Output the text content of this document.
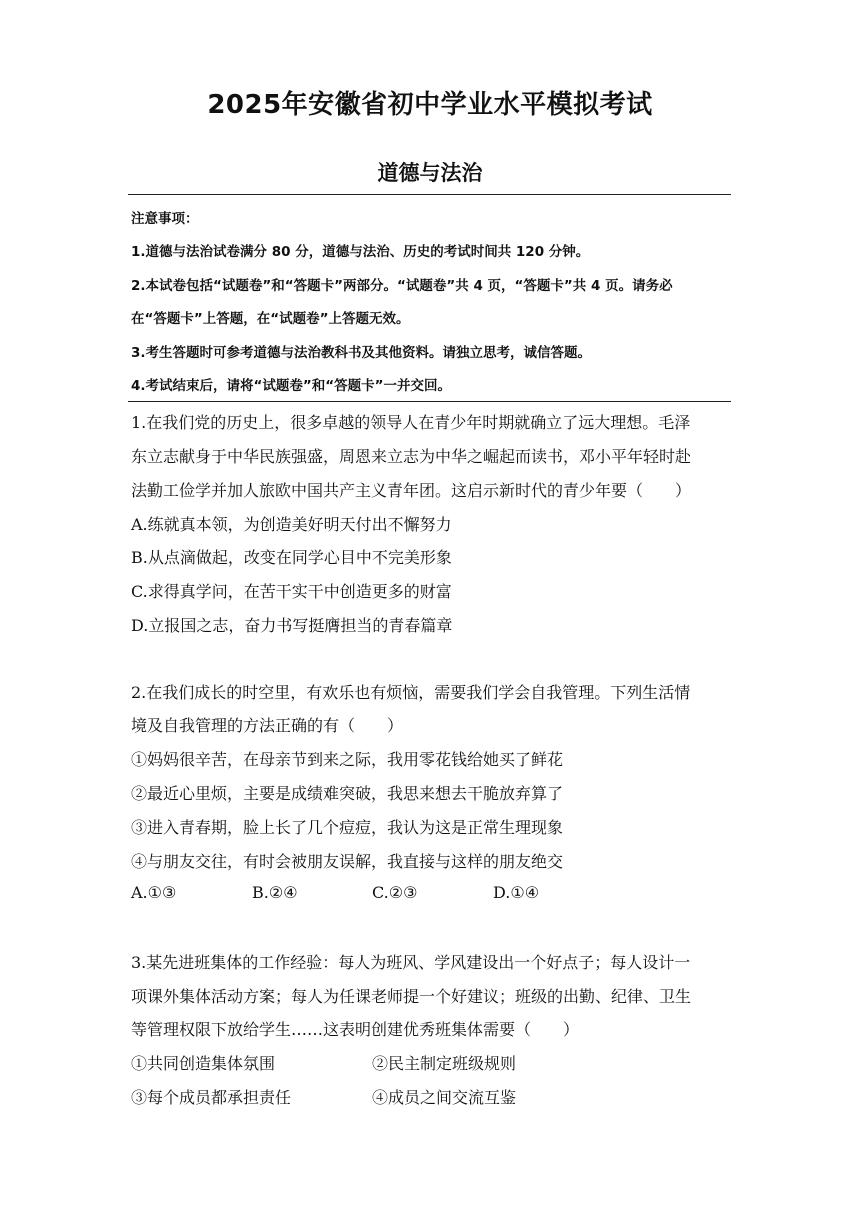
2025年安徽省初中学业水平模拟考试
道德与法治
注意事项：
1.道德与法治试卷满分 80 分，道德与法治、历史的考试时间共 120 分钟。
2.本试卷包括“试题卷”和“答题卡”两部分。“试题卷”共 4 页，“答题卡”共 4 页。请务必
在“答题卡”上答题，在“试题卷”上答题无效。
3.考生答题时可参考道德与法治教科书及其他资料。请独立思考，诚信答题。
4.考试结束后，请将“试题卷”和“答题卡”一并交回。
1.在我们党的历史上，很多卓越的领导人在青少年时期就确立了远大理想。毛泽
东立志献身于中华民族强盛，周恩来立志为中华之崛起而读书，邓小平年轻时赴
法勤工俭学并加人旅欧中国共产主义青年团。这启示新时代的青少年要（　　）
A.练就真本领，为创造美好明天付出不懈努力
B.从点滴做起，改变在同学心目中不完美形象
C.求得真学问，在苦干实干中创造更多的财富
D.立报国之志，奋力书写挺膺担当的青春篇章
2.在我们成长的时空里，有欢乐也有烦恼，需要我们学会自我管理。下列生活情
境及自我管理的方法正确的有（　　）
①妈妈很辛苦，在母亲节到来之际，我用零花钱给她买了鲜花
②最近心里烦，主要是成绩难突破，我思来想去干脆放弃算了
③进入青春期，脸上长了几个痘痘，我认为这是正常生理现象
④与朋友交往，有时会被朋友误解，我直接与这样的朋友绝交
A.①③	B.②④	C.②③	D.①④
3.某先进班集体的工作经验：每人为班风、学风建设出一个好点子；每人设计一
项课外集体活动方案；每人为任课老师提一个好建议；班级的出勤、纪律、卫生
等管理权限下放给学生……这表明创建优秀班集体需要（　　）
①共同创造集体氛围	②民主制定班级规则
③每个成员都承担责任	④成员之间交流互鉴
